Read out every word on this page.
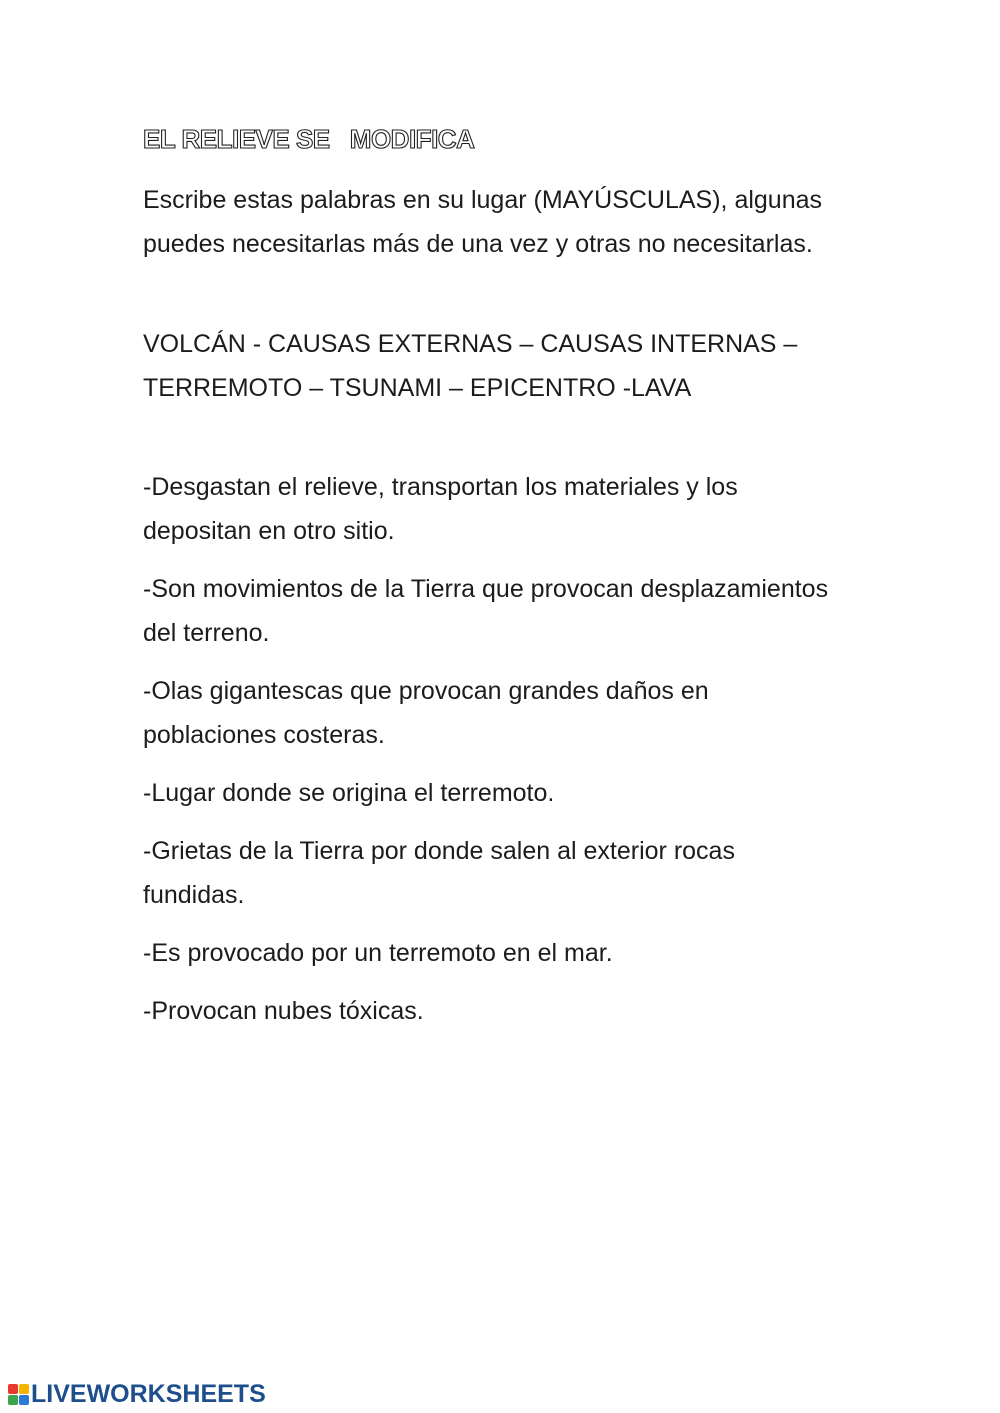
EL RELIEVE SE   MODIFICA
Escribe estas palabras en su lugar (MAYÚSCULAS), algunas puedes necesitarlas más de una vez y otras no necesitarlas.
VOLCÁN - CAUSAS EXTERNAS – CAUSAS INTERNAS – TERREMOTO – TSUNAMI – EPICENTRO -LAVA

-Desgastan el relieve, transportan los materiales y los depositan en otro sitio.

-Son movimientos de la Tierra que provocan desplazamientos del terreno.

-Olas gigantescas que provocan grandes daños en poblaciones costeras.

-Lugar donde se origina el terremoto.

-Grietas de la Tierra por donde salen al exterior rocas fundidas.

-Es provocado por un terremoto en el mar.

-Provocan nubes tóxicas.

LIVEWORKSHEETS
